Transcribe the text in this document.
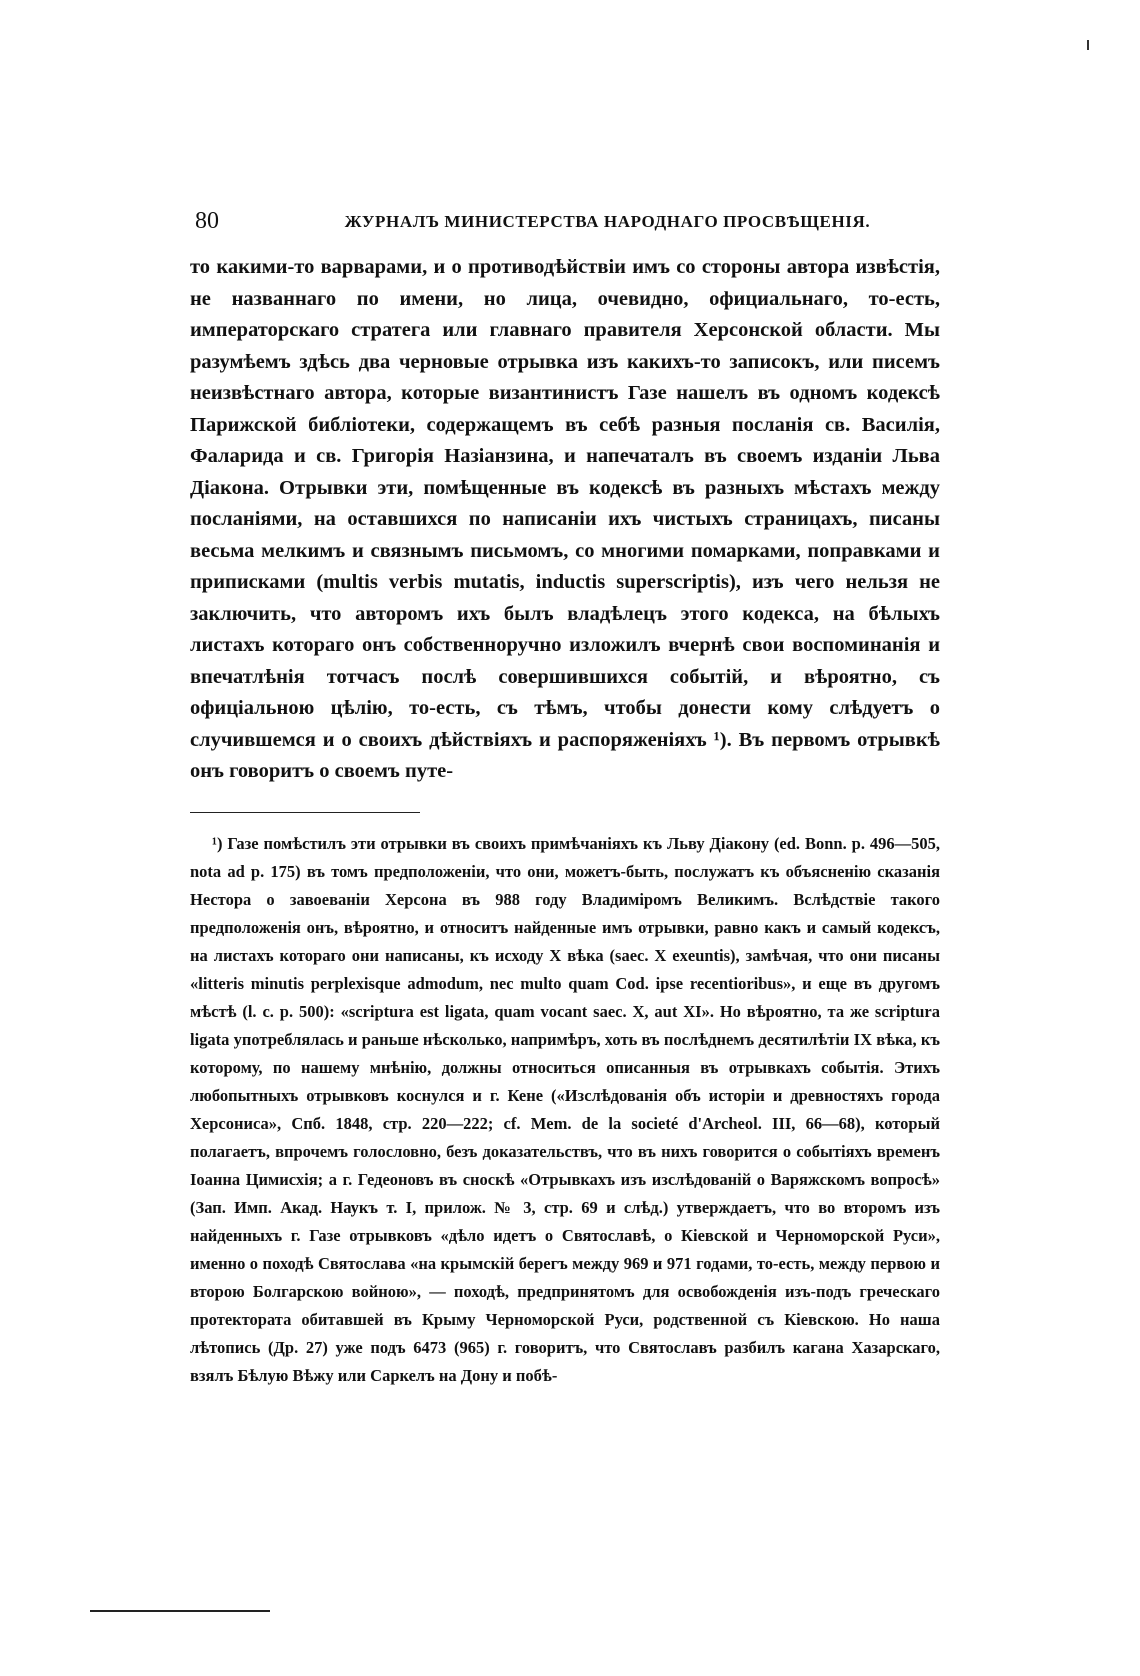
80	ЖУРНАЛЪ МИНИСТЕРСТВА НАРОДНАГО ПРОСВѢЩЕНІЯ.
то какими-то варварами, и о противодѣйствіи имъ со стороны автора извѣстія, не названнаго по имени, но лица, очевидно, официальнаго, то-есть, императорскаго стратега или главнаго правителя Херсонской области. Мы разумѣемъ здѣсь два черновые отрывка изъ какихъ-то записокъ, или писемъ неизвѣстнаго автора, которые византинистъ Газе нашелъ въ одномъ кодексѣ Парижской библіотеки, содержащемъ въ себѣ разныя посланія св. Василія, Фаларида и св. Григорія Назіанзина, и напечаталъ въ своемъ изданіи Льва Діакона. Отрывки эти, помѣщенные въ кодексѣ въ разныхъ мѣстахъ между посланіями, на оставшихся по написаніи ихъ чистыхъ страницахъ, писаны весьма мелкимъ и связнымъ письмомъ, со многими помарками, поправками и приписками (multis verbis mutatis, inductis superscriptis), изъ чего нельзя не заключить, что авторомъ ихъ былъ владѣлецъ этого кодекса, на бѣлыхъ листахъ котораго онъ собственноручно изложилъ вчернѣ свои воспоминанія и впечатлѣнія тотчасъ послѣ совершившихся событій, и вѣроятно, съ офиціальною цѣлію, то-есть, съ тѣмъ, чтобы донести кому слѣдуетъ о случившемся и о своихъ дѣйствіяхъ и распоряженіяхъ ¹). Въ первомъ отрывкѣ онъ говоритъ о своемъ путе-
¹) Газе помѣстилъ эти отрывки въ своихъ примѣчаніяхъ къ Льву Діакону (ed. Bonn. p. 496—505, nota ad p. 175) въ томъ предположеніи, что они, можетъ-быть, послужатъ къ объясненію сказанія Нестора о завоеваніи Херсона въ 988 году Владиміромъ Великимъ. Вслѣдствіе такого предположенія онъ, вѣроятно, и относитъ найденные имъ отрывки, равно какъ и самый кодексъ, на листахъ котораго они написаны, къ исходу X вѣка (saec. X exeuntis), замѣчая, что они писаны «litteris minutis perplexisque admodum, nec multo quam Cod. ipse recentioribus», и еще въ другомъ мѣстѣ (l. c. p. 500): «scriptura est ligata, quam vocant saec. X, aut XI». Но вѣроятно, та же scriptura ligata употреблялась и раньше нѣсколько, напримѣръ, хоть въ послѣднемъ десятилѣтіи IX вѣка, къ которому, по нашему мнѣнію, должны относиться описанныя въ отрывкахъ событія. Этихъ любопытныхъ отрывковъ коснулся и г. Кене («Изслѣдованія объ исторіи и древностяхъ города Херсониса», Спб. 1848, стр. 220—222; cf. Mem. de la societé d'Archeol. III, 66—68), который полагаетъ, впрочемъ голословно, безъ доказательствъ, что въ нихъ говорится о событіяхъ временъ Іоанна Цимисхія; а г. Гедеоновъ въ сноскѣ «Отрывкахъ изъ изслѣдованій о Варяжскомъ вопросѣ» (Зап. Имп. Акад. Наукъ т. I, прилож. № 3, стр. 69 и слѣд.) утверждаетъ, что во второмъ изъ найденныхъ г. Газе отрывковъ «дѣло идетъ о Святославѣ, о Кіевской и Черноморской Руси», именно о походѣ Святослава «на крымскій берегъ между 969 и 971 годами, то-есть, между первою и второю Болгарскою войною», — походѣ, предпринятомъ для освобожденія изъ-подъ греческаго протектората обитавшей въ Крыму Черноморской Руси, родственной съ Кіевскою. Но наша лѣтопись (Др. 27) уже подъ 6473 (965) г. говоритъ, что Святославъ разбилъ кагана Хазарскаго, взялъ Бѣлую Вѣжу или Саркелъ на Дону и побѣ-
